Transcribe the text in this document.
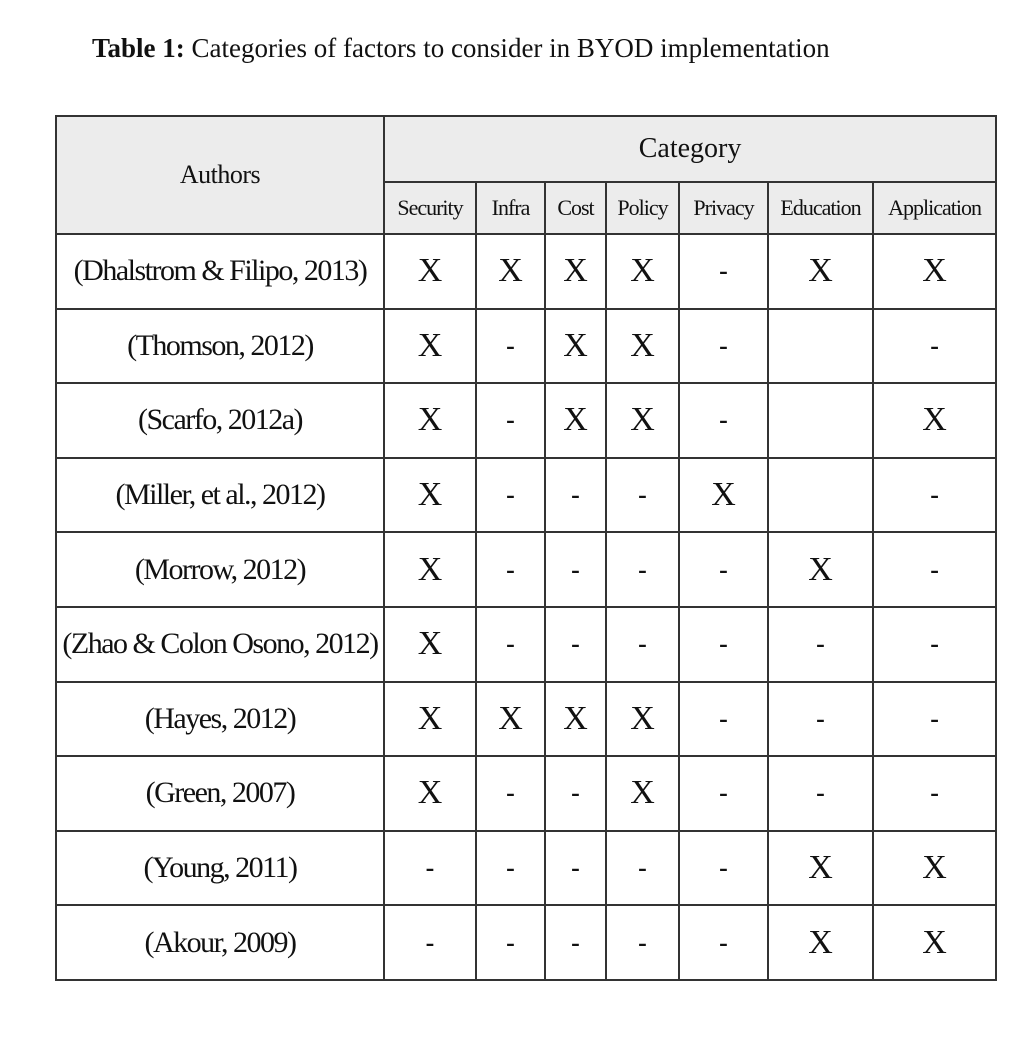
Table 1: Categories of factors to consider in BYOD implementation
Authors	Category						
	Security	Infra	Cost	Policy	Privacy	Education	Application
(Dhalstrom & Filipo, 2013)	X	X	X	X	-	X	X
(Thomson, 2012)	X	-	X	X	-		-
(Scarfo, 2012a)	X	-	X	X	-		X
(Miller, et al., 2012)	X	-	-	-	X		-
(Morrow, 2012)	X	-	-	-	-	X	-
(Zhao & Colon Osono, 2012)	X	-	-	-	-	-	-
(Hayes, 2012)	X	X	X	X	-	-	-
(Green, 2007)	X	-	-	X	-	-	-
(Young, 2011)	-	-	-	-	-	X	X
(Akour, 2009)	-	-	-	-	-	X	X
